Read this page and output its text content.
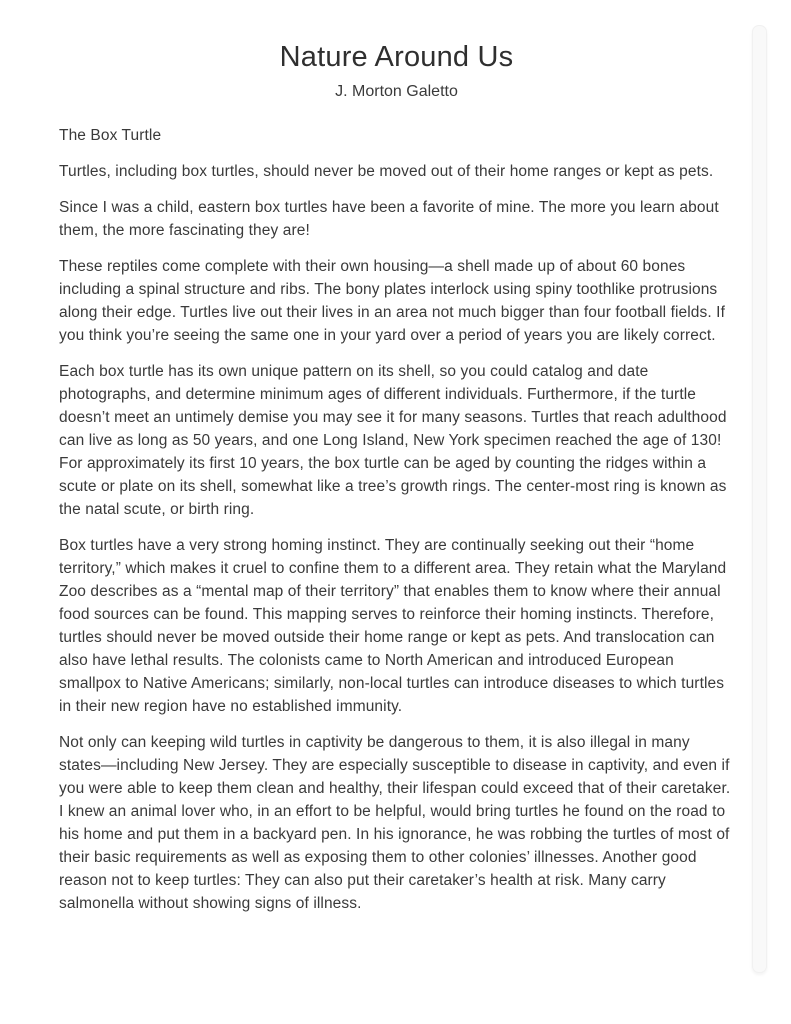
Nature Around Us
J. Morton Galetto

The Box Turtle

Turtles, including box turtles, should never be moved out of their home ranges or kept as pets.

Since I was a child, eastern box turtles have been a favorite of mine. The more you learn about them, the more fascinating they are!

These reptiles come complete with their own housing—a shell made up of about 60 bones including a spinal structure and ribs. The bony plates interlock using spiny toothlike protrusions along their edge. Turtles live out their lives in an area not much bigger than four football fields. If you think you’re seeing the same one in your yard over a period of years you are likely correct.

Each box turtle has its own unique pattern on its shell, so you could catalog and date photographs, and determine minimum ages of different individuals. Furthermore, if the turtle doesn’t meet an untimely demise you may see it for many seasons. Turtles that reach adulthood can live as long as 50 years, and one Long Island, New York specimen reached the age of 130! For approximately its first 10 years, the box turtle can be aged by counting the ridges within a scute or plate on its shell, somewhat like a tree’s growth rings. The center-most ring is known as the natal scute, or birth ring.

Box turtles have a very strong homing instinct. They are continually seeking out their “home territory,” which makes it cruel to confine them to a different area. They retain what the Maryland Zoo describes as a “mental map of their territory” that enables them to know where their annual food sources can be found. This mapping serves to reinforce their homing instincts. Therefore, turtles should never be moved outside their home range or kept as pets. And translocation can also have lethal results. The colonists came to North American and introduced European smallpox to Native Americans; similarly, non-local turtles can introduce diseases to which turtles in their new region have no established immunity.

Not only can keeping wild turtles in captivity be dangerous to them, it is also illegal in many states—including New Jersey. They are especially susceptible to disease in captivity, and even if you were able to keep them clean and healthy, their lifespan could exceed that of their caretaker. I knew an animal lover who, in an effort to be helpful, would bring turtles he found on the road to his home and put them in a backyard pen. In his ignorance, he was robbing the turtles of most of their basic requirements as well as exposing them to other colonies’ illnesses. Another good reason not to keep turtles: They can also put their caretaker’s health at risk. Many carry salmonella without showing signs of illness.
